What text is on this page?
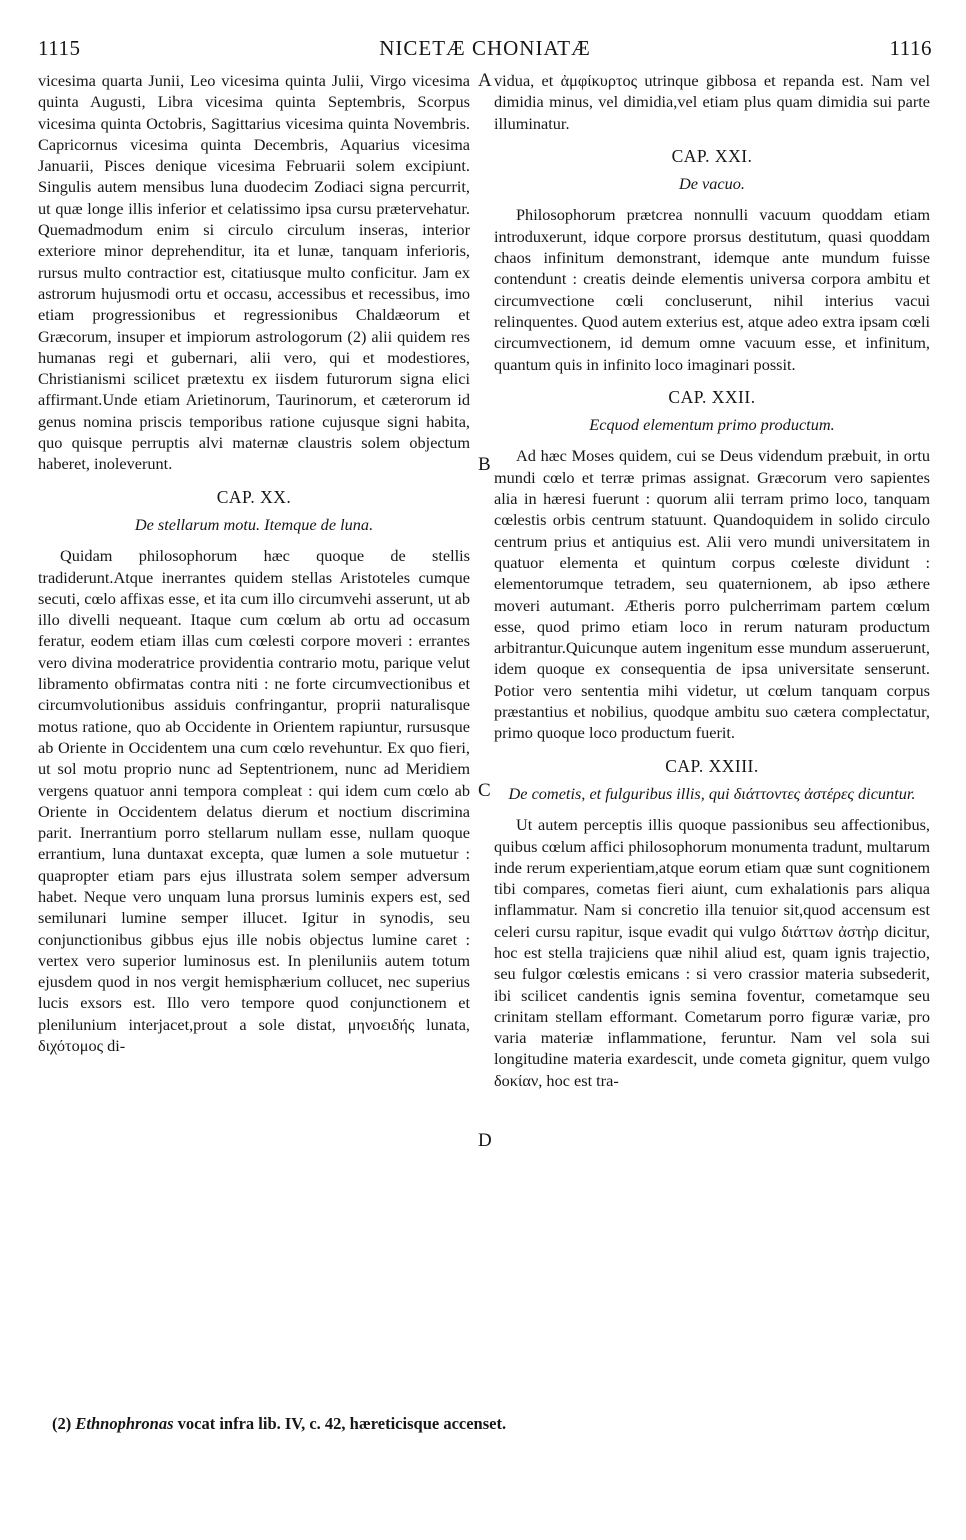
1115	NICETÆ CHONIATÆ	1116

vicesima quarta Junii, Leo vicesima quinta Julii, Virgo vicesima quinta Augusti, Libra vicesima quinta Septembris, Scorpus vicesima quinta Octobris, Sagittarius vicesima quinta Novembris. Capricornus vicesima quinta Decembris, Aquarius vicesima Januarii, Pisces denique vicesima Februarii solem excipiunt. Singulis autem mensibus luna duodecim Zodiaci signa percurrit, ut quæ longe illis inferior et celatissimo ipsa cursu prætervehatur. Quemadmodum enim si circulo circulum inseras, interior exteriore minor deprehenditur, ita et lunæ, tanquam inferioris, rursus multo contractior est, citatiusque multo conficitur. Jam ex astrorum hujusmodi ortu et occasu, accessibus et recessibus, imo etiam progressionibus et regressionibus Chaldæorum et Græcorum, insuper et impiorum astrologorum (2) alii quidem res humanas regi et gubernari, alii vero, qui et modestiores, Christianismi scilicet prætextu ex iisdem futurorum signa elici affirmant.Unde etiam Arietinorum, Taurinorum, et cæterorum id genus nomina priscis temporibus ratione cujusque signi habita, quo quisque perruptis alvi maternæ claustris solem objectum haberet, inoleverunt.

CAP. XX.
De stellarum motu. Itemque de luna.

Quidam philosophorum hæc quoque de stellis tradiderunt.Atque inerrantes quidem stellas Aristoteles cumque secuti, cœlo affixas esse, et ita cum illo circumvehi asserunt, ut ab illo divelli nequeant. Itaque cum cœlum ab ortu ad occasum feratur, eodem etiam illas cum cœlesti corpore moveri : errantes vero divina moderatrice providentia contrario motu, parique velut libramento obfirmatas contra niti : ne forte circumvectionibus et circumvolutionibus assiduis confringantur, proprii naturalisque motus ratione, quo ab Occidente in Orientem rapiuntur, rursusque ab Oriente in Occidentem una cum cœlo revehuntur. Ex quo fieri, ut sol motu proprio nunc ad Septentrionem, nunc ad Meridiem vergens quatuor anni tempora compleat : qui idem cum cœlo ab Oriente in Occidentem delatus dierum et noctium discrimina parit. Inerrantium porro stellarum nullam esse, nullam quoque errantium, luna duntaxat excepta, quæ lumen a sole mutuetur : quapropter etiam pars ejus illustrata solem semper adversum habet. Neque vero unquam luna prorsus luminis expers est, sed semilunari lumine semper illucet. Igitur in synodis, seu conjunctionibus gibbus ejus ille nobis objectus lumine caret : vertex vero superior luminosus est. In pleniluniis autem totum ejusdem quod in nos vergit hemisphærium collucet, nec superius lucis exsors est. Illo vero tempore quod conjunctionem et plenilunium interjacet,prout a sole distat, μηνοειδής lunata, διχότομος di-

vidua, et ἀμφίκυρτος utrinque gibbosa et repanda est. Nam vel dimidia minus, vel dimidia,vel etiam plus quam dimidia sui parte illuminatur.

CAP. XXI.
De vacuo.

Philosophorum prætcrea nonnulli vacuum quoddam etiam introduxerunt, idque corpore prorsus destitutum, quasi quoddam chaos infinitum demonstrant, idemque ante mundum fuisse contendunt : creatis deinde elementis universa corpora ambitu et circumvectione cœli concluserunt, nihil interius vacui relinquentes. Quod autem exterius est, atque adeo extra ipsam cœli circumvectionem, id demum omne vacuum esse, et infinitum, quantum quis in infinito loco imaginari possit.

CAP. XXII.
Ecquod elementum primo productum.

Ad hæc Moses quidem, cui se Deus videndum præbuit, in ortu mundi cœlo et terræ primas assignat. Græcorum vero sapientes alia in hæresi fuerunt : quorum alii terram primo loco, tanquam cœlestis orbis centrum statuunt. Quandoquidem in solido circulo centrum prius et antiquius est. Alii vero mundi universitatem in quatuor elementa et quintum corpus cœleste dividunt : elementorumque tetradem, seu quaternionem, ab ipso æthere moveri autumant. Ætheris porro pulcherrimam partem cœlum esse, quod primo etiam loco in rerum naturam productum arbitrantur.Quicunque autem ingenitum esse mundum asseruerunt, idem quoque ex consequentia de ipsa universitate senserunt. Potior vero sententia mihi videtur, ut cœlum tanquam corpus præstantius et nobilius, quodque ambitu suo cætera complectatur, primo quoque loco productum fuerit.

CAP. XXIII.
De cometis, et fulguribus illis, qui διάττοντες ἀστέρες dicuntur.

Ut autem perceptis illis quoque passionibus seu affectionibus, quibus cœlum affici philosophorum monumenta tradunt, multarum inde rerum experientiam,atque eorum etiam quæ sunt cognitionem tibi compares, cometas fieri aiunt, cum exhalationis pars aliqua inflammatur. Nam si concretio illa tenuior sit,quod accensum est celeri cursu rapitur, isque evadit qui vulgo διάττων ἀστὴρ dicitur, hoc est stella trajiciens quæ nihil aliud est, quam ignis trajectio, seu fulgor cœlestis emicans : si vero crassior materia subsederit, ibi scilicet candentis ignis semina foventur, cometamque seu crinitam stellam efformant. Cometarum porro figuræ variæ, pro varia materiæ inflammatione, feruntur. Nam vel sola sui longitudine materia exardescit, unde cometa gignitur, quem vulgo δοκίαν, hoc est tra-

A
B
C
D
(2) Ethnophronas vocat infra lib. IV, c. 42, hæreticisque accenset.
